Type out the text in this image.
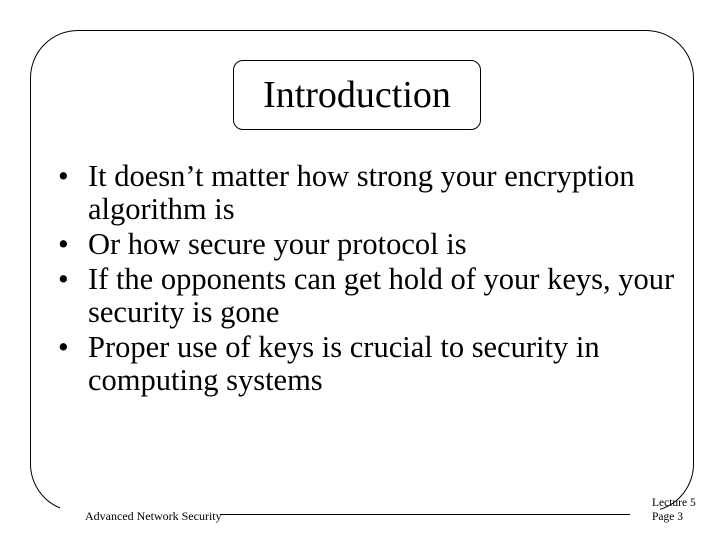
Introduction
• It doesn’t matter how strong your encryption algorithm is
• Or how secure your protocol is
• If the opponents can get hold of your keys, your security is gone
• Proper use of keys is crucial to security in computing systems
Advanced Network Security
Lecture 5
Page 3
